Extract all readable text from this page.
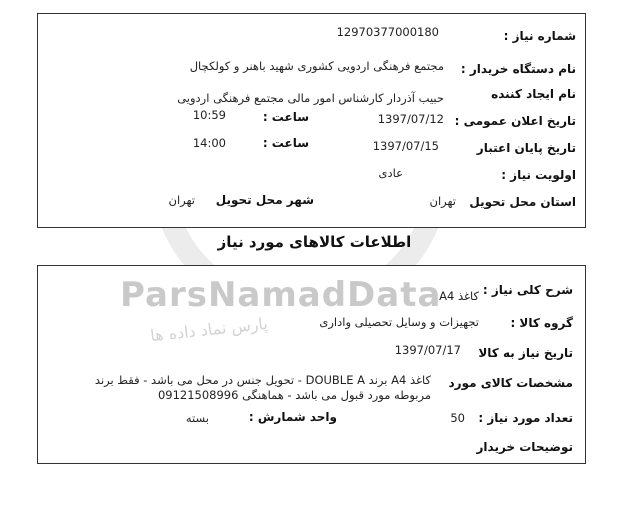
شماره نیاز :
12970377000180
نام دستگاه خریدار :
مجتمع فرهنگی اردویی کشوری شهید باهنر و کولکچال
نام ایجاد کننده
حبیب آذردار کارشناس امور مالی مجتمع فرهنگی اردویی
تاریخ اعلان عمومی :
1397/07/12
ساعت :
10:59
تاریخ پایان اعتبار
1397/07/15
ساعت :
14:00
اولویت نیاز :
عادی
استان محل تحویل
تهران
شهر محل تحویل
تهران
اطلاعات کالاهای مورد نیاز
ParsNamadData
پارس نماد داده ها
شرح کلی نیاز :
کاغذ A4
گروه کالا :
تجهیزات و وسایل تحصیلی واداری
تاریخ نیاز به کالا
1397/07/17
مشخصات کالای مورد
کاغذ A4 برند DOUBLE A - تحویل جنس در محل می باشد - فقط برند
مربوطه مورد قبول می باشد - هماهنگی 09121508996
تعداد مورد نیاز :
50
واحد شمارش :
بسته
توضیحات خریدار
